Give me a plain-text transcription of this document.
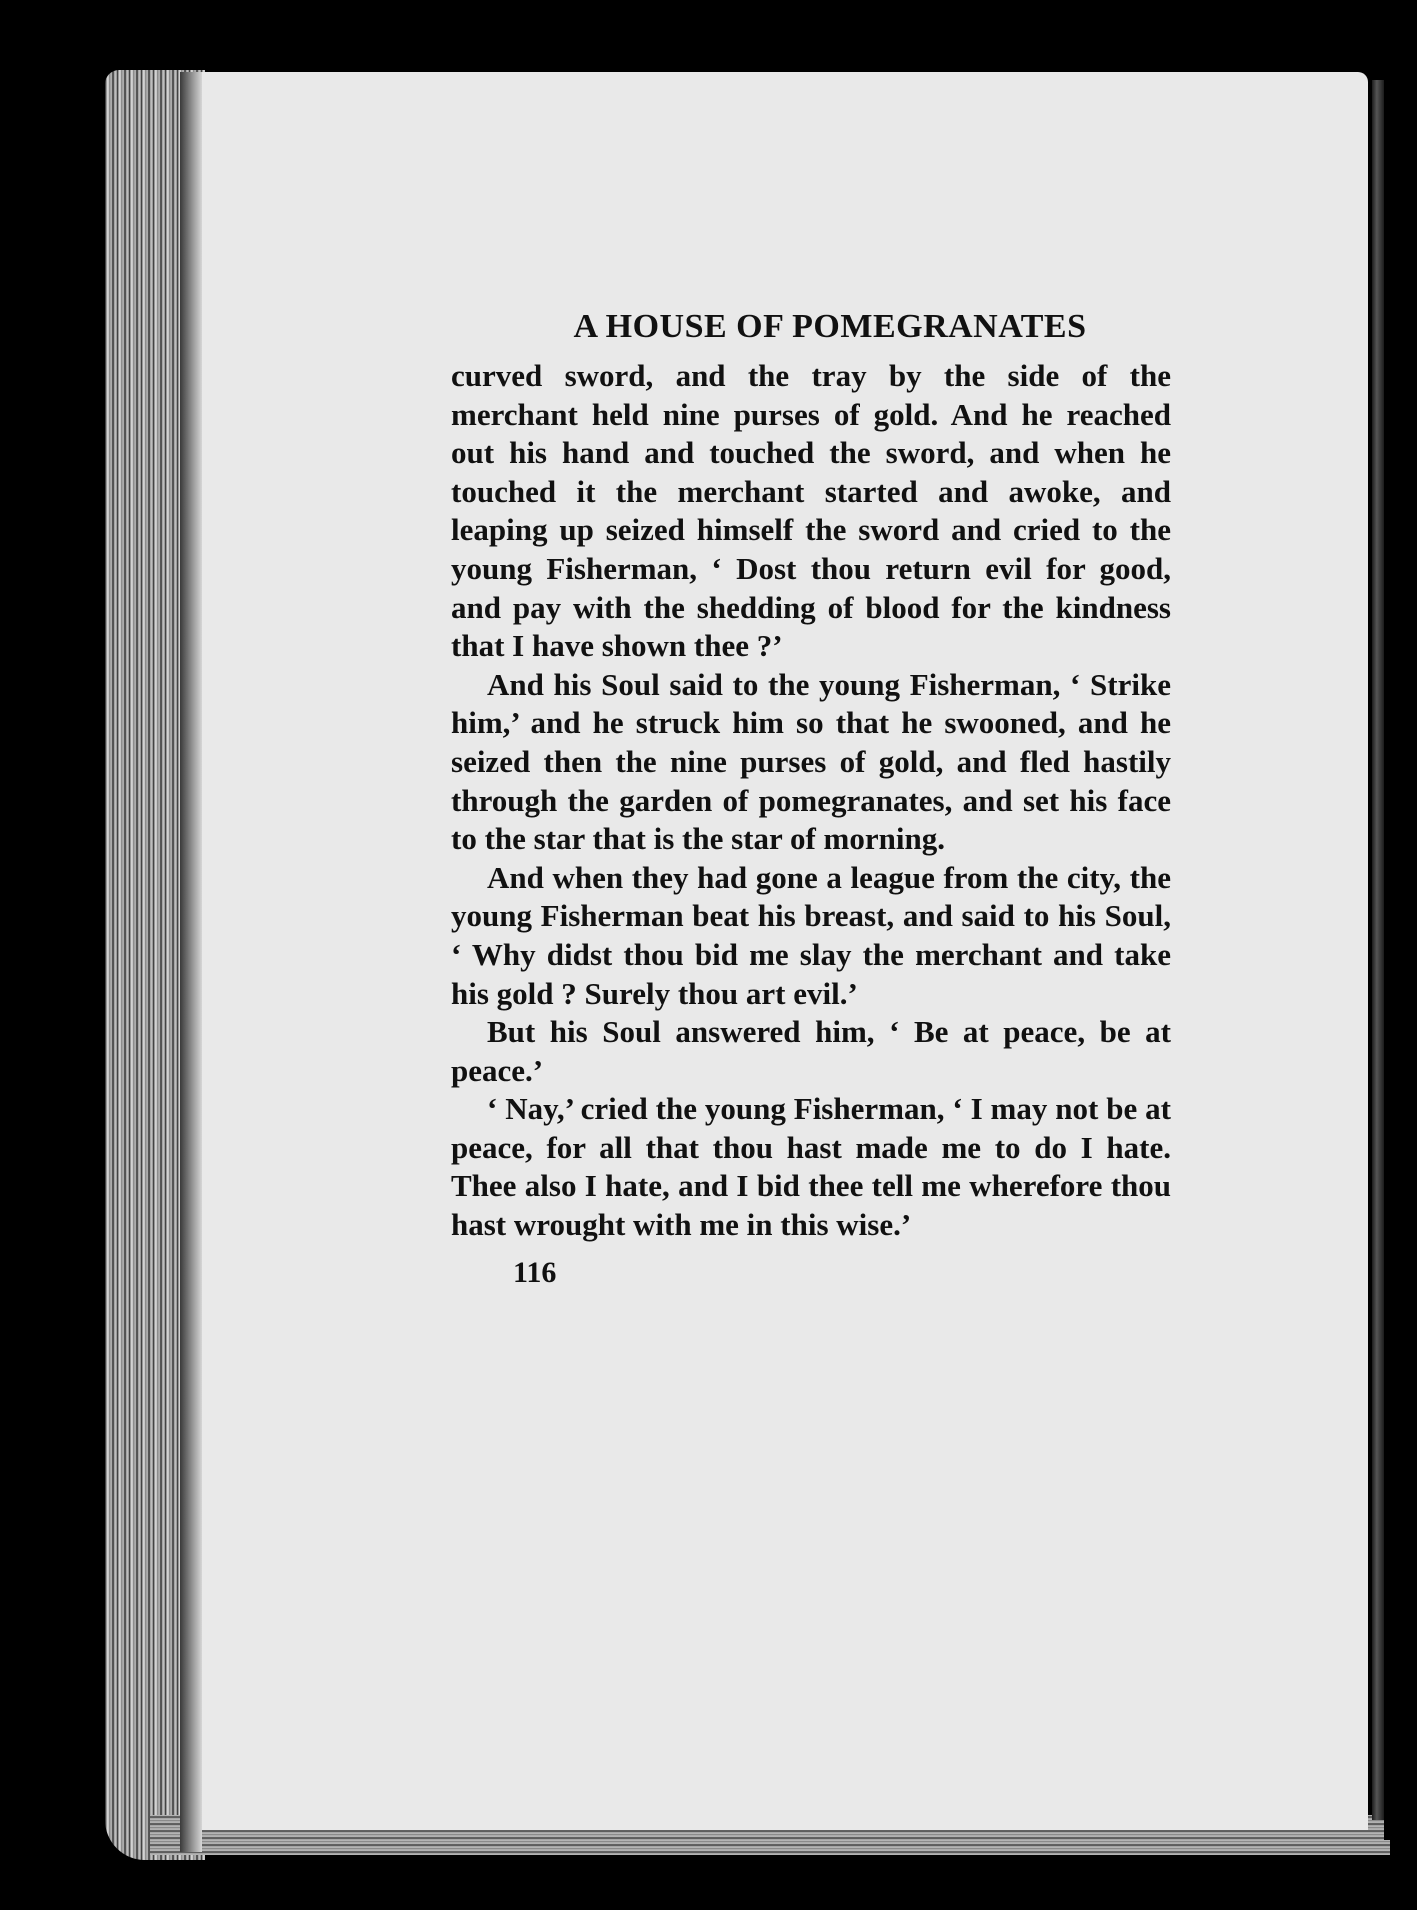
A HOUSE OF POMEGRANATES

curved sword, and the tray by the side of the merchant held nine purses of gold. And he reached out his hand and touched the sword, and when he touched it the merchant started and awoke, and leaping up seized himself the sword and cried to the young Fisherman, ‘ Dost thou return evil for good, and pay with the shedding of blood for the kindness that I have shown thee ?’

And his Soul said to the young Fisherman, ‘ Strike him,’ and he struck him so that he swooned, and he seized then the nine purses of gold, and fled hastily through the garden of pomegranates, and set his face to the star that is the star of morning.

And when they had gone a league from the city, the young Fisherman beat his breast, and said to his Soul, ‘ Why didst thou bid me slay the merchant and take his gold ? Surely thou art evil.’

But his Soul answered him, ‘ Be at peace, be at peace.’

‘ Nay,’ cried the young Fisherman, ‘ I may not be at peace, for all that thou hast made me to do I hate. Thee also I hate, and I bid thee tell me wherefore thou hast wrought with me in this wise.’

116
